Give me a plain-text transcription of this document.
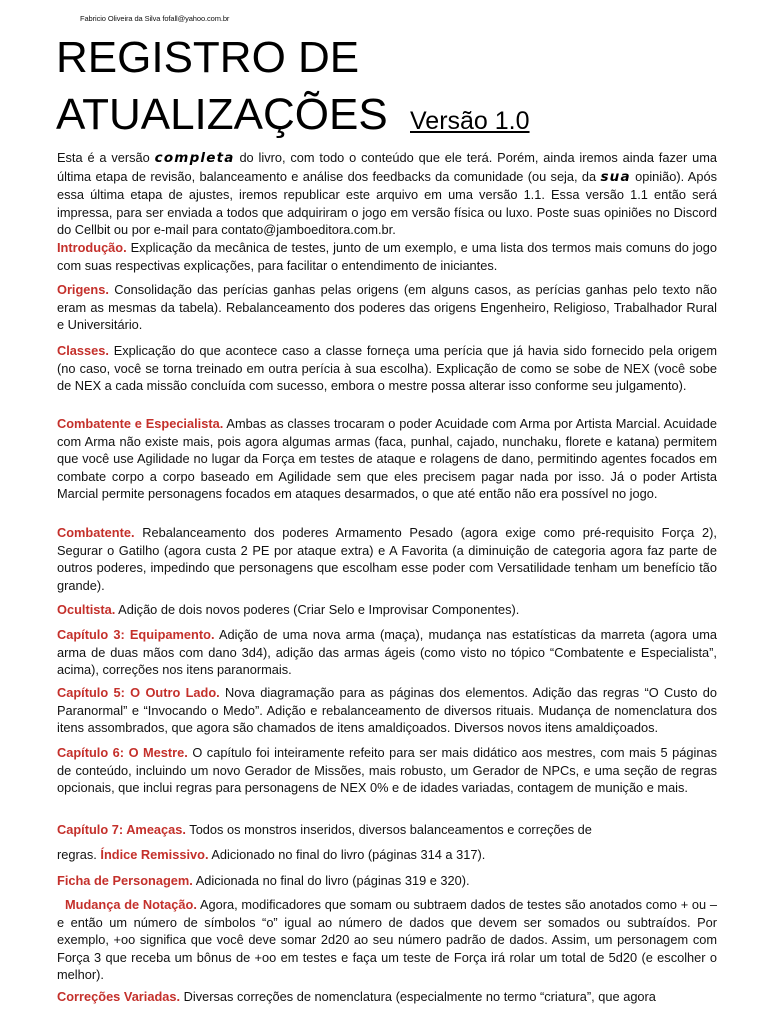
Fabricio Oliveira da Silva fofall@yahoo.com.br
REGISTRO DE
ATUALIZAÇÕES Versão 1.0

Esta é a versão completa do livro, com todo o conteúdo que ele terá. Porém, ainda iremos ainda fazer uma última etapa de revisão, balanceamento e análise dos feedbacks da comunidade (ou seja, da sua opinião). Após essa última etapa de ajustes, iremos republicar este arquivo em uma versão 1.1. Essa versão 1.1 então será impressa, para ser enviada a todos que adquiriram o jogo em versão física ou luxo. Poste suas opiniões no Discord do Cellbit ou por e-mail para contato@jamboeditora.com.br.

Introdução. Explicação da mecânica de testes, junto de um exemplo, e uma lista dos termos mais comuns do jogo com suas respectivas explicações, para facilitar o entendimento de iniciantes.

Origens. Consolidação das perícias ganhas pelas origens (em alguns casos, as perícias ganhas pelo texto não eram as mesmas da tabela). Rebalanceamento dos poderes das origens Engenheiro, Religioso, Trabalhador Rural e Universitário.

Classes. Explicação do que acontece caso a classe forneça uma perícia que já havia sido fornecido pela origem (no caso, você se torna treinado em outra perícia à sua escolha). Explicação de como se sobe de NEX (você sobe de NEX a cada missão concluída com sucesso, embora o mestre possa alterar isso conforme seu julgamento).

Combatente e Especialista. Ambas as classes trocaram o poder Acuidade com Arma por Artista Marcial. Acuidade com Arma não existe mais, pois agora algumas armas (faca, punhal, cajado, nunchaku, florete e katana) permitem que você use Agilidade no lugar da Força em testes de ataque e rolagens de dano, permitindo agentes focados em combate corpo a corpo baseado em Agilidade sem que eles precisem pagar nada por isso. Já o poder Artista Marcial permite personagens focados em ataques desarmados, o que até então não era possível no jogo.

Combatente. Rebalanceamento dos poderes Armamento Pesado (agora exige como pré-requisito Força 2), Segurar o Gatilho (agora custa 2 PE por ataque extra) e A Favorita (a diminuição de categoria agora faz parte de outros poderes, impedindo que personagens que escolham esse poder com Versatilidade tenham um benefício tão grande).

Ocultista. Adição de dois novos poderes (Criar Selo e Improvisar Componentes).

Capítulo 3: Equipamento. Adição de uma nova arma (maça), mudança nas estatísticas da marreta (agora uma arma de duas mãos com dano 3d4), adição das armas ágeis (como visto no tópico “Combatente e Especialista”, acima), correções nos itens paranormais.

Capítulo 5: O Outro Lado. Nova diagramação para as páginas dos elementos. Adição das regras “O Custo do Paranormal” e “Invocando o Medo”. Adição e rebalanceamento de diversos rituais. Mudança de nomenclatura dos itens assombrados, que agora são chamados de itens amaldiçoados. Diversos novos itens amaldiçoados.

Capítulo 6: O Mestre. O capítulo foi inteiramente refeito para ser mais didático aos mestres, com mais 5 páginas de conteúdo, incluindo um novo Gerador de Missões, mais robusto, um Gerador de NPCs, e uma seção de regras opcionais, que inclui regras para personagens de NEX 0% e de idades variadas, contagem de munição e mais.

Capítulo 7: Ameaças. Todos os monstros inseridos, diversos balanceamentos e correções de

regras. Índice Remissivo. Adicionado no final do livro (páginas 314 a 317).

Ficha de Personagem. Adicionada no final do livro (páginas 319 e 320).

Mudança de Notação. Agora, modificadores que somam ou subtraem dados de testes são anotados como + ou – e então um número de símbolos “o” igual ao número de dados que devem ser somados ou subtraídos. Por exemplo, +oo significa que você deve somar 2d20 ao seu número padrão de dados. Assim, um personagem com Força 3 que receba um bônus de +oo em testes e faça um teste de Força irá rolar um total de 5d20 (e escolher o melhor).

Correções Variadas. Diversas correções de nomenclatura (especialmente no termo “criatura”, que agora
